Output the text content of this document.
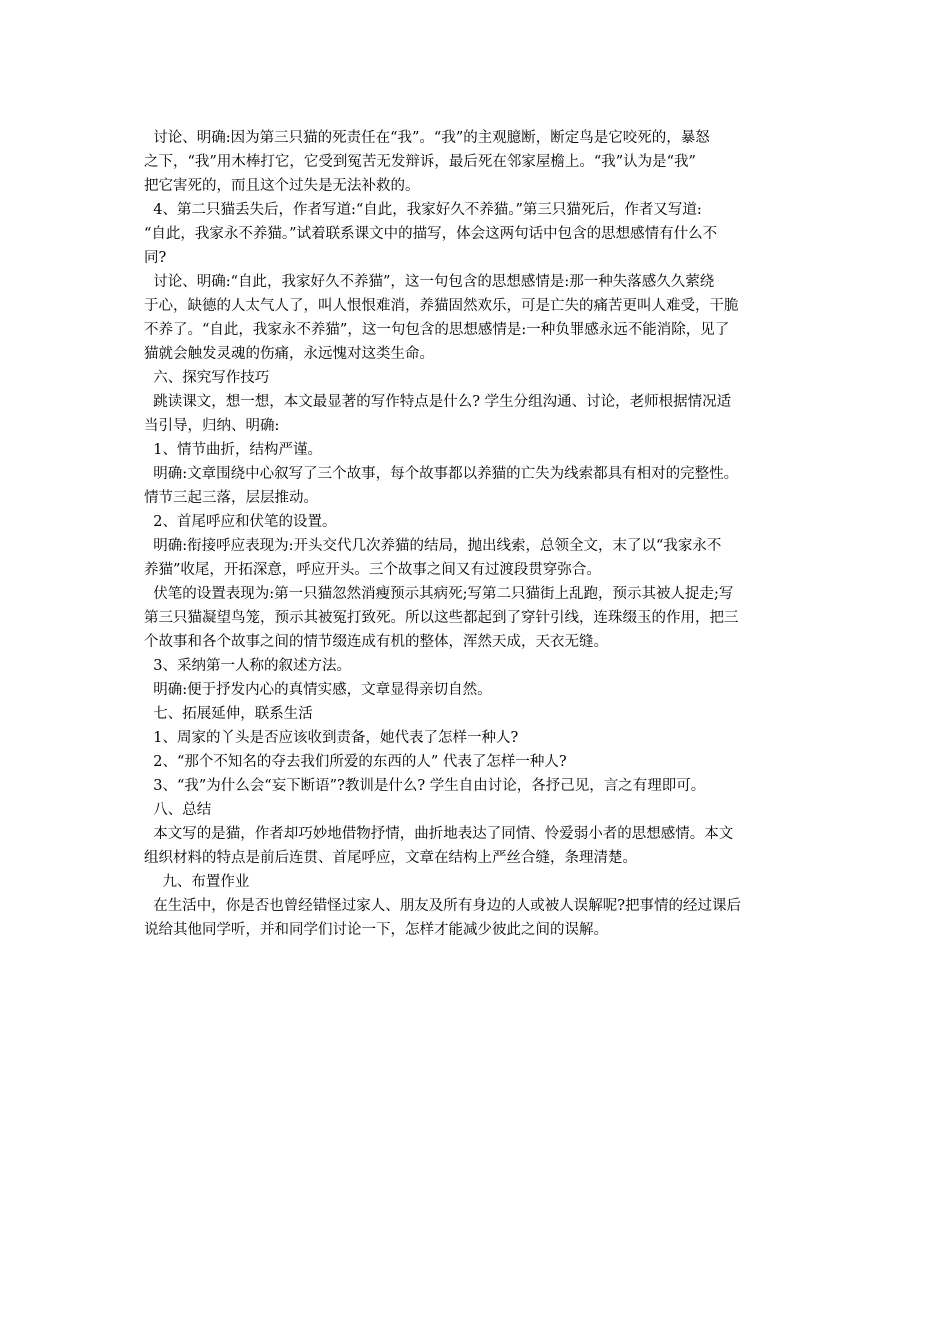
讨论、明确:因为第三只猫的死责任在“我”。“我”的主观臆断，断定鸟是它咬死的，暴怒

之下，“我”用木棒打它，它受到冤苦无发辩诉，最后死在邻家屋檐上。“我”认为是“我”

把它害死的，而且这个过失是无法补救的。

4、第二只猫丢失后，作者写道:“自此，我家好久不养猫。”第三只猫死后，作者又写道:

“自此，我家永不养猫。”试着联系课文中的描写，体会这两句话中包含的思想感情有什么不

同?

讨论、明确:“自此，我家好久不养猫”，这一句包含的思想感情是:那一种失落感久久萦绕

于心，缺德的人太气人了，叫人恨恨难消，养猫固然欢乐，可是亡失的痛苦更叫人难受，干脆

不养了。“自此，我家永不养猫”，这一句包含的思想感情是:一种负罪感永远不能消除，见了

猫就会触发灵魂的伤痛，永远愧对这类生命。

六、探究写作技巧

跳读课文，想一想，本文最显著的写作特点是什么? 学生分组沟通、讨论，老师根据情况适

当引导，归纳、明确:

1、情节曲折，结构严谨。

明确:文章围绕中心叙写了三个故事，每个故事都以养猫的亡失为线索都具有相对的完整性。

情节三起三落，层层推动。

2、首尾呼应和伏笔的设置。

明确:衔接呼应表现为:开头交代几次养猫的结局，抛出线索，总领全文，末了以“我家永不

养猫”收尾，开拓深意，呼应开头。三个故事之间又有过渡段贯穿弥合。

伏笔的设置表现为:第一只猫忽然消瘦预示其病死;写第二只猫街上乱跑，预示其被人捉走;写

第三只猫凝望鸟笼，预示其被冤打致死。所以这些都起到了穿针引线，连珠缀玉的作用，把三

个故事和各个故事之间的情节缀连成有机的整体，浑然天成，天衣无缝。

3、采纳第一人称的叙述方法。

明确:便于抒发内心的真情实感，文章显得亲切自然。

七、拓展延伸，联系生活

1、周家的丫头是否应该收到责备，她代表了怎样一种人?

2、“那个不知名的夺去我们所爱的东西的人” 代表了怎样一种人?

3、“我”为什么会“妄下断语”?教训是什么? 学生自由讨论，各抒己见，言之有理即可。

八、总结

本文写的是猫，作者却巧妙地借物抒情，曲折地表达了同情、怜爱弱小者的思想感情。本文

组织材料的特点是前后连贯、首尾呼应，文章在结构上严丝合缝，条理清楚。

九、布置作业

在生活中，你是否也曾经错怪过家人、朋友及所有身边的人或被人误解呢?把事情的经过课后

说给其他同学听，并和同学们讨论一下，怎样才能减少彼此之间的误解。
